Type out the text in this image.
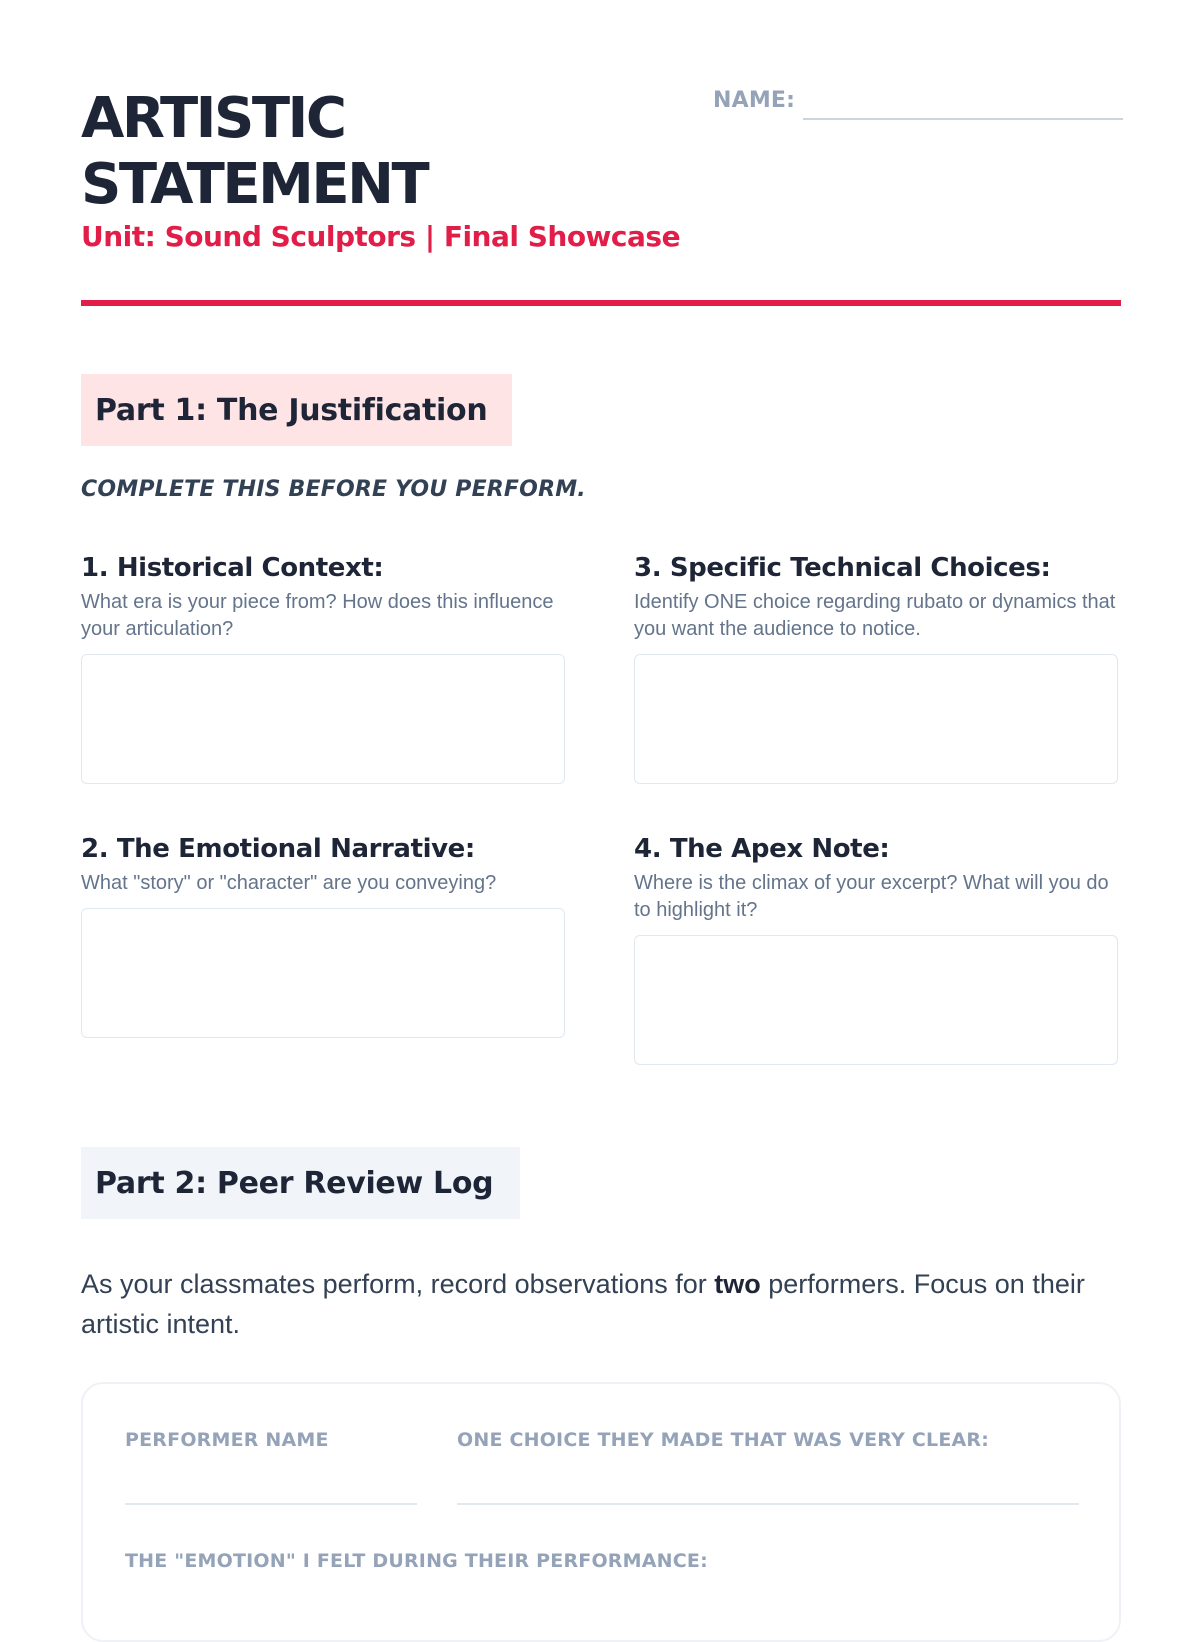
ARTISTIC
STATEMENT
Unit: Sound Sculptors | Final Showcase
NAME:
Part 1: The Justification
COMPLETE THIS BEFORE YOU PERFORM.
1. Historical Context:
What era is your piece from? How does this influence your articulation?
3. Specific Technical Choices:
Identify ONE choice regarding rubato or dynamics that you want the audience to notice.
2. The Emotional Narrative:
What "story" or "character" are you conveying?
4. The Apex Note:
Where is the climax of your excerpt? What will you do to highlight it?
Part 2: Peer Review Log
As your classmates perform, record observations for two performers. Focus on their artistic intent.
PERFORMER NAME	ONE CHOICE THEY MADE THAT WAS VERY CLEAR:
THE "EMOTION" I FELT DURING THEIR PERFORMANCE:
